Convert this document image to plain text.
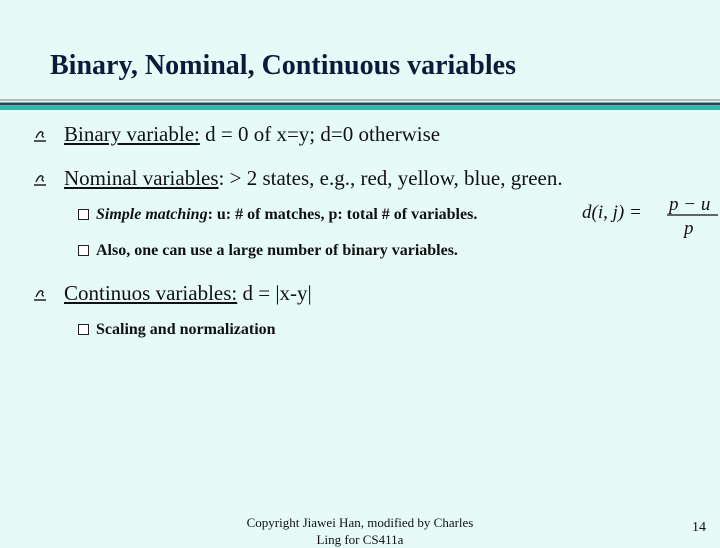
Binary, Nominal, Continuous variables
Binary variable: d = 0 of x=y; d=0 otherwise
Nominal variables: > 2 states, e.g., red, yellow, blue, green.
Simple matching: u: # of matches, p: total # of variables.	d(i, j) = p − u
p
Also, one can use a large number of binary variables.
Continuos variables: d = |x-y|
Scaling and normalization
Copyright Jiawei Han, modified by Charles Ling for CS411a
14
